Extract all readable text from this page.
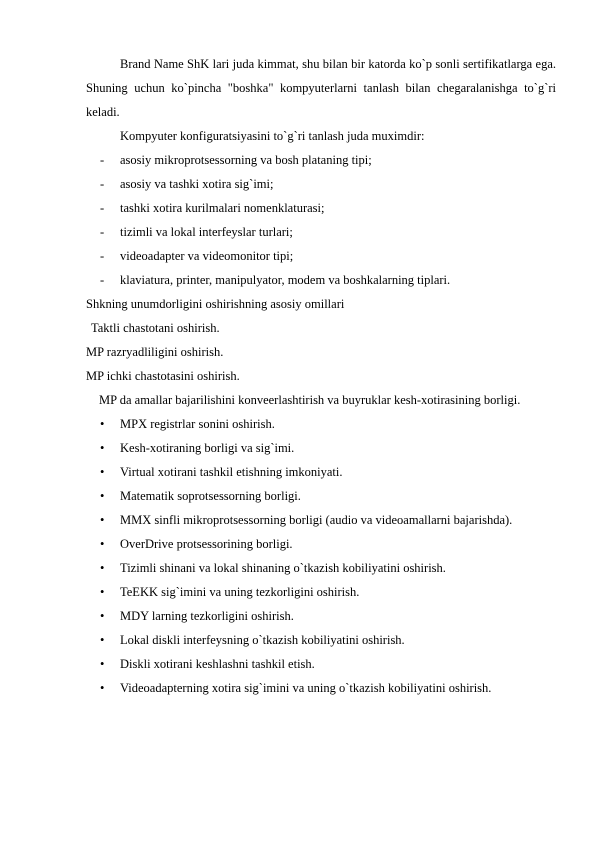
Brand Name ShK lari juda kimmat, shu bilan bir katorda ko`p sonli sertifikatlarga ega. Shuning uchun ko`pincha "boshka" kompyuterlarni tanlash bilan chegaralanishga to`g`ri keladi.

Kompyuter konfiguratsiyasini to`g`ri tanlash juda muximdir:

- asosiy mikroprotsessorning va bosh plataning tipi;
- asosiy va tashki xotira sig`imi;
- tashki xotira kurilmalari nomenklaturasi;
- tizimli va lokal interfeyslar turlari;
- videoadapter va videomonitor tipi;
- klaviatura, printer, manipulyator, modem va boshkalarning tiplari.

Shkning unumdorligini oshirishning asosiy omillari

Taktli chastotani oshirish.

MP razryadliligini oshirish.

MP ichki chastotasini oshirish.

MP da amallar bajarilishini konveerlashtirish va buyruklar kesh-xotirasining borligi.

• MPX registrlar sonini oshirish.
• Kesh-xotiraning borligi va sig`imi.
• Virtual xotirani tashkil etishning imkoniyati.
• Matematik soprotsessorning borligi.
• MMX sinfli mikroprotsessorning borligi (audio va videoamallarni bajarishda).
• OverDrive protsessorining borligi.
• Tizimli shinani va lokal shinaning o`tkazish kobiliyatini oshirish.
• TeEKK sig`imini va uning tezkorligini oshirish.
• MDY larning tezkorligini oshirish.
• Lokal diskli interfeysning o`tkazish kobiliyatini oshirish.
• Diskli xotirani keshlashni tashkil etish.
• Videoadapterning xotira sig`imini va uning o`tkazish kobiliyatini oshirish.
